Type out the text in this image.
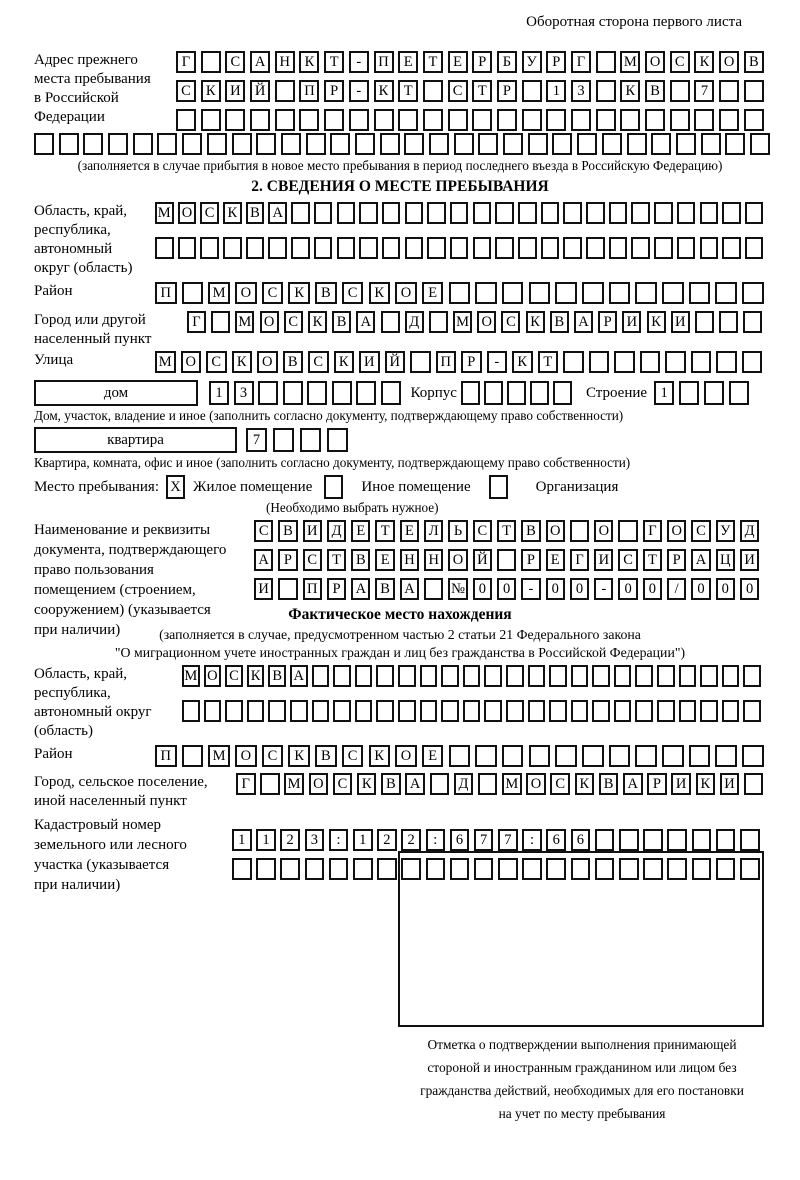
Оборотная сторона первого листа
Адрес прежнего
места пребывания
в Российской
Федерации
Г	С	А Н	К	Т	-	П	Е	Т	Е	Р	Б	У	Р	Г	М О	С	К	О	В
С	К	И Й	П	Р	-	К	Т	С	Т	Р	1	3	К	В	7
(заполняется в случае прибытия в новое место пребывания в период последнего въезда в Российскую Федерацию)
2. СВЕДЕНИЯ О МЕСТЕ ПРЕБЫВАНИЯ
Область, край,
республика,
автономный
округ (область)
М О С К В А
Район	П	М	О	С	К	В	С	К	О	Е
Город или другой
населенный пункт
Г	М О С	К	В А	Д	М О С	К	В А	Р	И К И
Улица	М О	С	К	О	В	С	К	И	Й	П	Р	-	К	Т
дом	1	3	Корпус	Строение 1
Дом, участок, владение и иное (заполнить согласно документу, подтверждающему право собственности)
квартира	7
Квартира, комната, офис и иное (заполнить согласно документу, подтверждающему право собственности)
Место пребывания: X Жилое помещение	Иное помещение	Организация
(Необходимо выбрать нужное)
Наименование и реквизиты
документа, подтверждающего
право пользования
помещением (строением,
сооружением) (указывается
при наличии)
С	В И Д	Е	Т	Е	Л	Ь	С	Т	В О	О	Г	О С У Д
А	Р	С	Т	В	Е	Н Н О Й	Р	Е	Г	И С	Т	Р	А Ц И
И	П	Р	А В А	№ 0	0	-	0	0	-	0	0	/	0	0	0
Фактическое место нахождения
(заполняется в случае, предусмотренном частью 2 статьи 21 Федерального закона
"О миграционном учете иностранных граждан и лиц без гражданства в Российской Федерации")
Область, край,
республика,
автономный округ
(область)
М О С К В А
Район	П	М	О	С	К	В	С	К	О	Е
Город, сельское поселение,
иной населенный пункт
Г	М О С	К	В А	Д	М О С	К	В А	Р	И К И
Кадастровый номер
земельного или лесного
участка (указывается
при наличии)
1	1	2	3	:	1	2	2	:	6	7	7	:	6	6
Отметка о подтверждении выполнения принимающей
стороной и иностранным гражданином или лицом без
гражданства действий, необходимых для его постановки
на учет по месту пребывания
